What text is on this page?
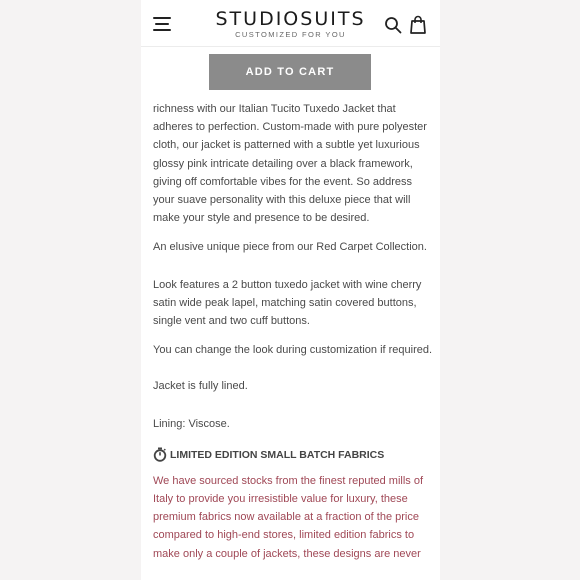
STUDIOSUITS
CUSTOMIZED FOR YOU
ADD TO CART

richness with our Italian Tucito Tuxedo Jacket that adheres to perfection. Custom-made with pure polyester cloth, our jacket is patterned with a subtle yet luxurious glossy pink intricate detailing over a black framework, giving off comfortable vibes for the event. So address your suave personality with this deluxe piece that will make your style and presence to be desired.

An elusive unique piece from our Red Carpet Collection.

Look features a 2 button tuxedo jacket with wine cherry satin wide peak lapel, matching satin covered buttons, single vent and two cuff buttons.

You can change the look during customization if required.

Jacket is fully lined.

Lining: Viscose.

LIMITED EDITION SMALL BATCH FABRICS

We have sourced stocks from the finest reputed mills of Italy to provide you irresistible value for luxury, these premium fabrics now available at a fraction of the price compared to high-end stores, limited edition fabrics to make only a couple of jackets, these designs are never
